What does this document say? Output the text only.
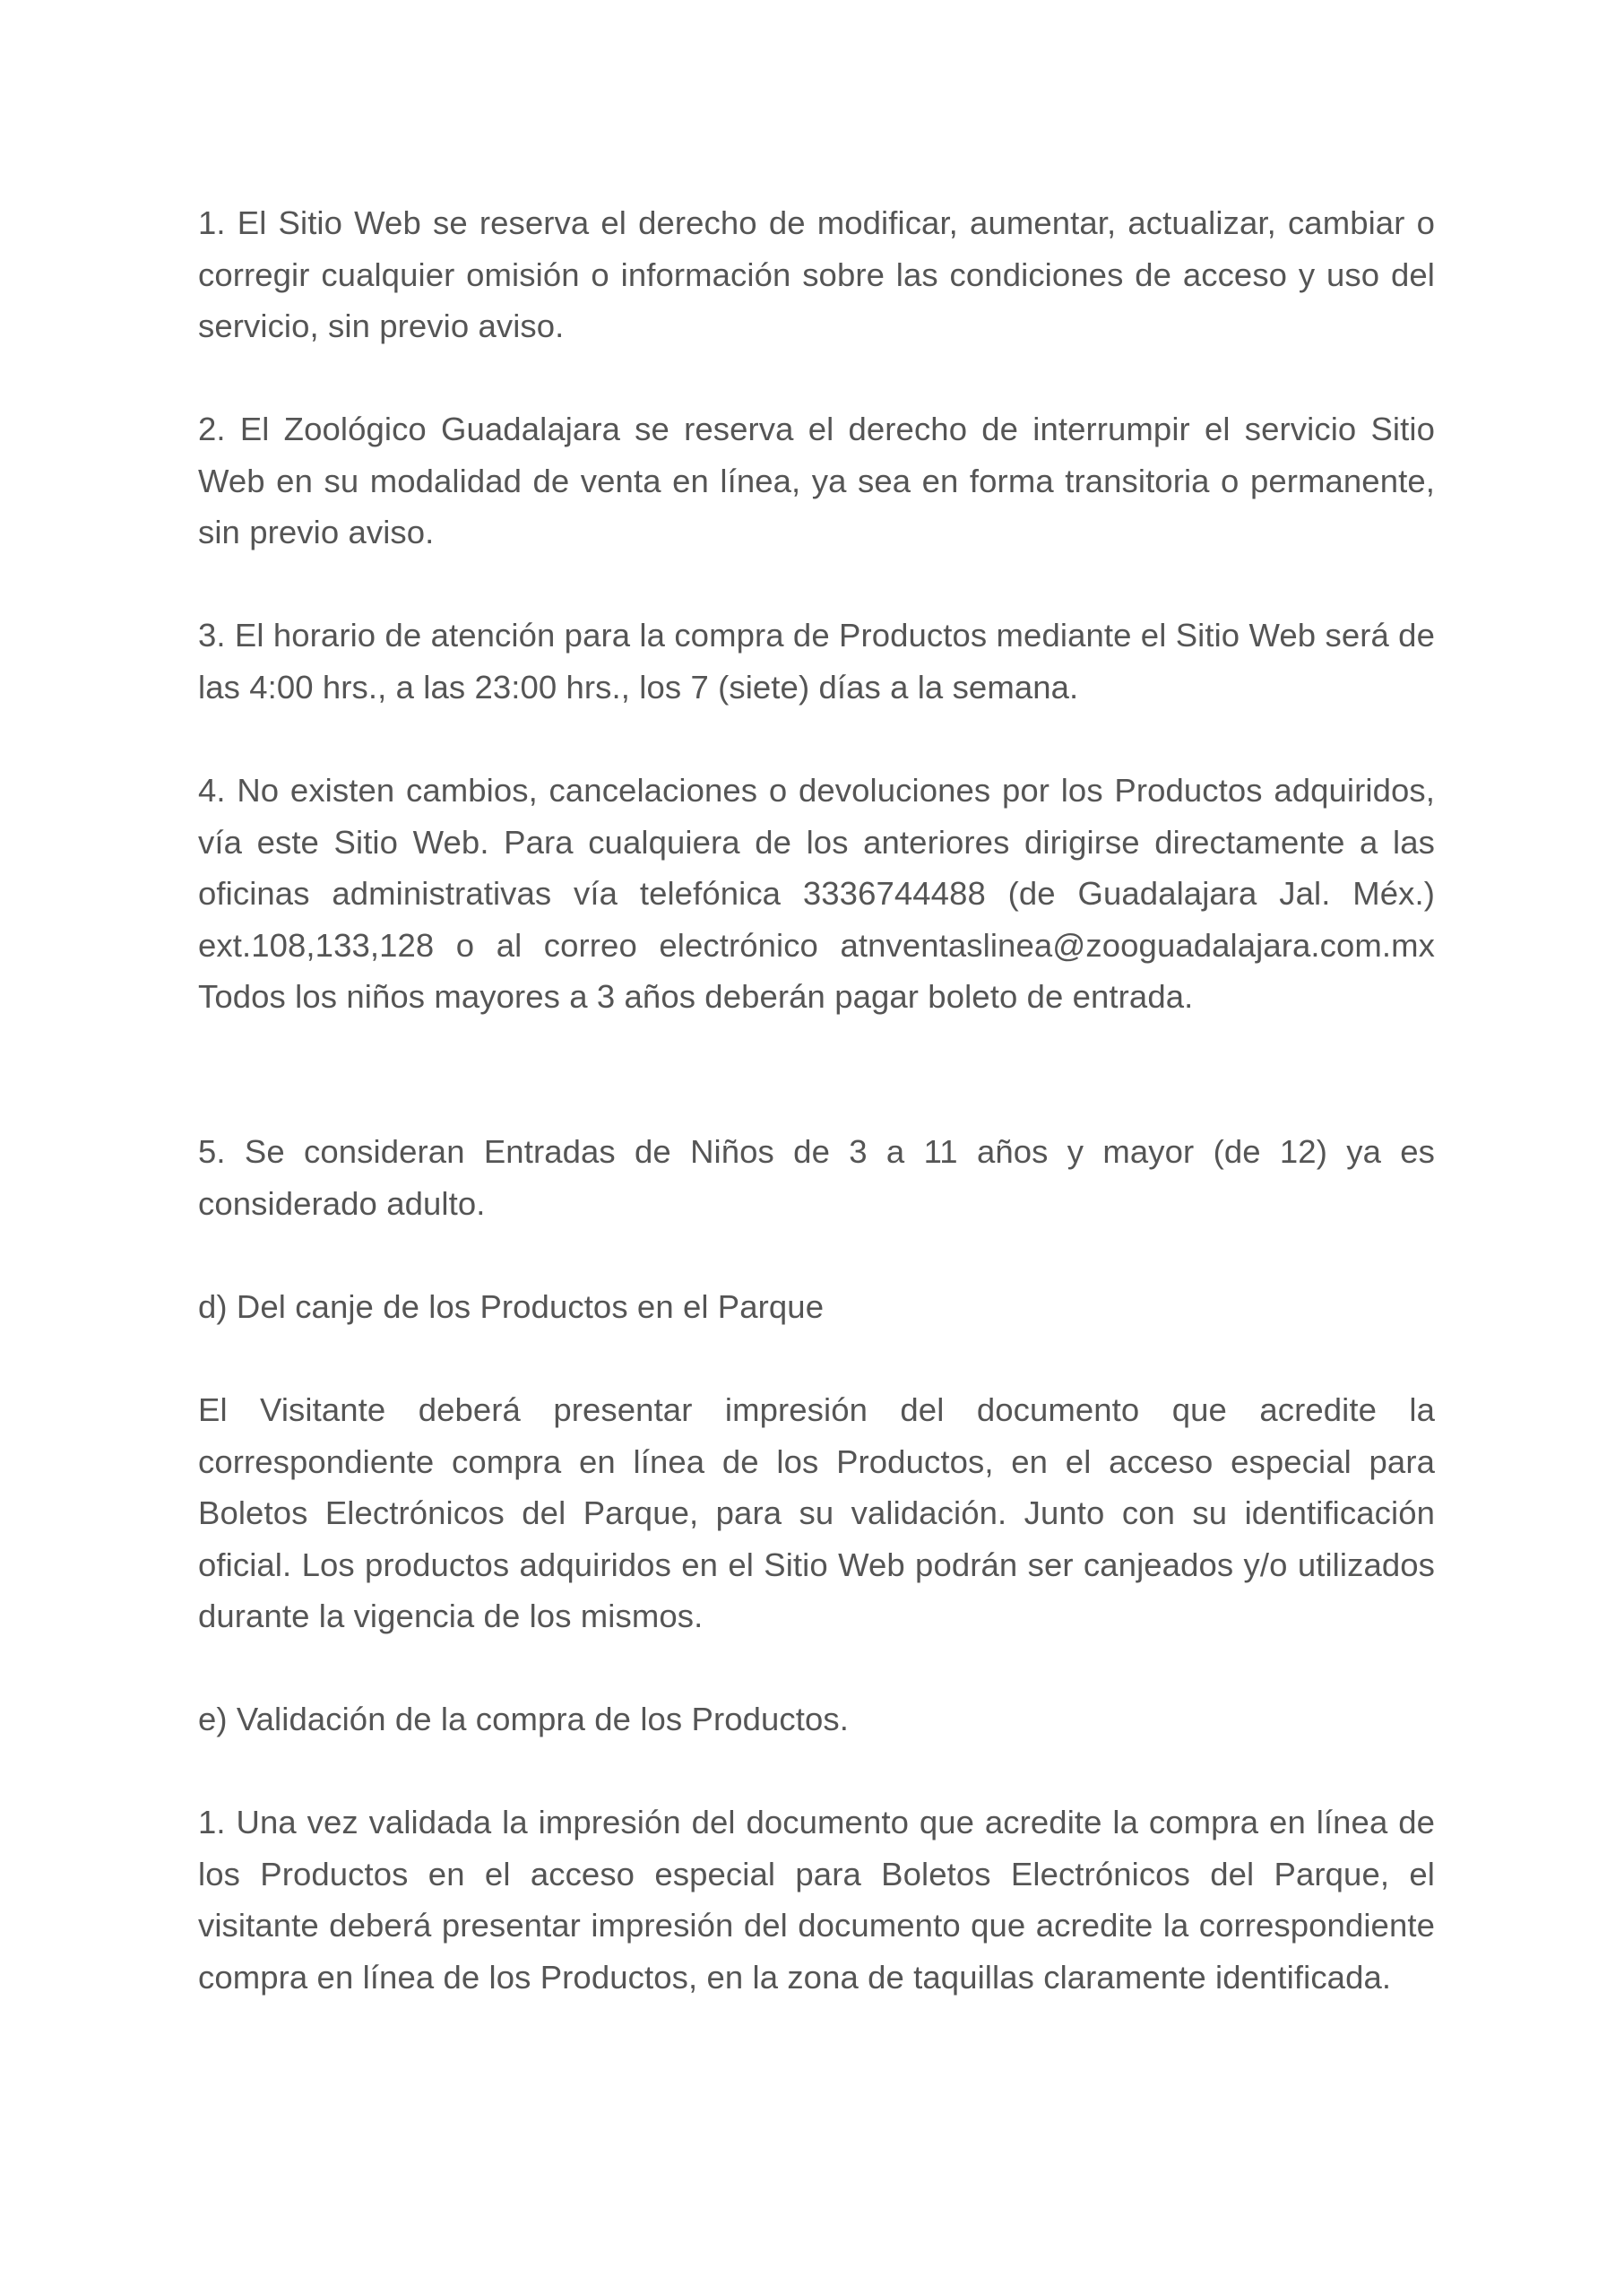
1. El Sitio Web se reserva el derecho de modificar, aumentar, actualizar, cambiar o corregir cualquier omisión o información sobre las condiciones de acceso y uso del servicio, sin previo aviso.

2. El Zoológico Guadalajara se reserva el derecho de interrumpir el servicio Sitio Web en su modalidad de venta en línea, ya sea en forma transitoria o permanente, sin previo aviso.

3. El horario de atención para la compra de Productos mediante el Sitio Web será de las 4:00 hrs., a las 23:00 hrs., los 7 (siete) días a la semana.

4. No existen cambios, cancelaciones o devoluciones por los Productos adquiridos, vía este Sitio Web. Para cualquiera de los anteriores dirigirse directamente a las oficinas administrativas vía telefónica 3336744488 (de Guadalajara Jal. Méx.) ext.108,133,128 o al correo electrónico atnventaslinea@zooguadalajara.com.mx Todos los niños mayores a 3 años deberán pagar boleto de entrada.

5. Se consideran Entradas de Niños de 3 a 11 años y mayor (de 12) ya es considerado adulto.

d) Del canje de los Productos en el Parque

El Visitante deberá presentar impresión del documento que acredite la correspondiente compra en línea de los Productos, en el acceso especial para Boletos Electrónicos del Parque, para su validación. Junto con su identificación oficial. Los productos adquiridos en el Sitio Web podrán ser canjeados y/o utilizados durante la vigencia de los mismos.

e) Validación de la compra de los Productos.

1. Una vez validada la impresión del documento que acredite la compra en línea de los Productos en el acceso especial para Boletos Electrónicos del Parque, el visitante deberá presentar impresión del documento que acredite la correspondiente compra en línea de los Productos, en la zona de taquillas claramente identificada.
